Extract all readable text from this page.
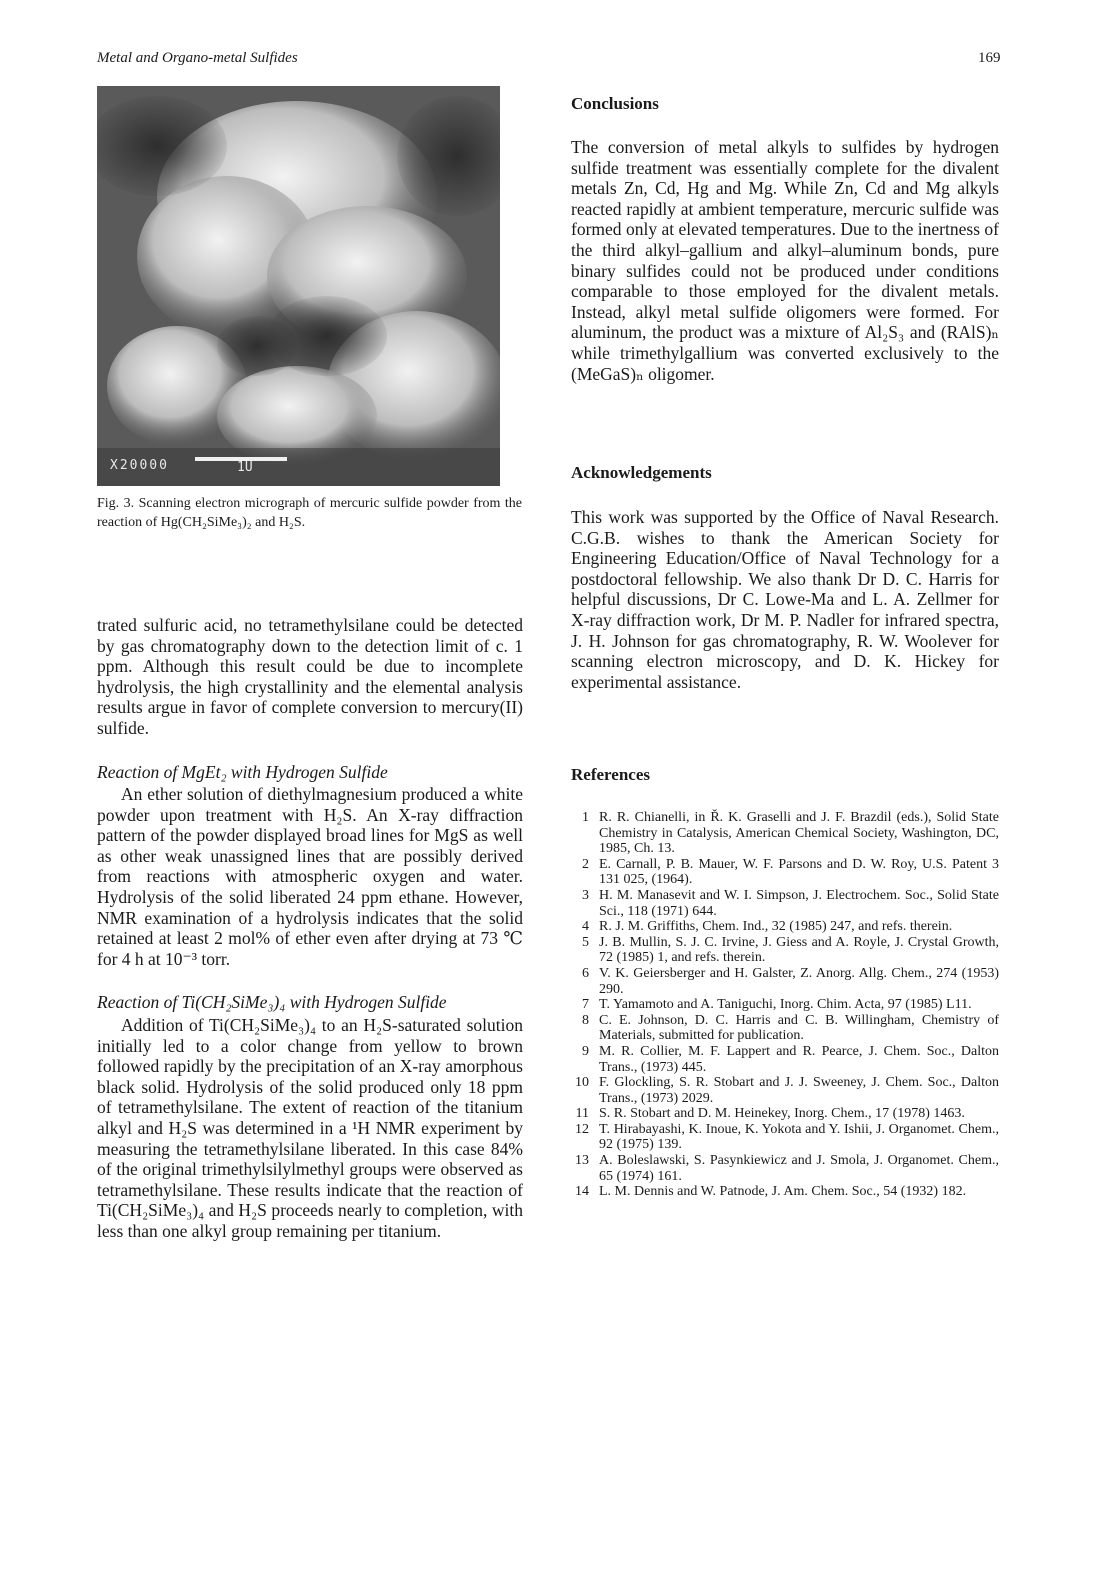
Metal and Organo-metal Sulfides	169
X20000	1U
Fig. 3. Scanning electron micrograph of mercuric sulfide powder from the reaction of Hg(CH₂SiMe₃)₂ and H₂S.
trated sulfuric acid, no tetramethylsilane could be detected by gas chromatography down to the detection limit of c. 1 ppm. Although this result could be due to incomplete hydrolysis, the high crystallinity and the elemental analysis results argue in favor of complete conversion to mercury(II) sulfide.
Reaction of MgEt₂ with Hydrogen Sulfide
An ether solution of diethylmagnesium produced a white powder upon treatment with H₂S. An X-ray diffraction pattern of the powder displayed broad lines for MgS as well as other weak unassigned lines that are possibly derived from reactions with atmospheric oxygen and water. Hydrolysis of the solid liberated 24 ppm ethane. However, NMR examination of a hydrolysis indicates that the solid retained at least 2 mol% of ether even after drying at 73 ℃ for 4 h at 10⁻³ torr.
Reaction of Ti(CH₂SiMe₃)₄ with Hydrogen Sulfide
Addition of Ti(CH₂SiMe₃)₄ to an H₂S-saturated solution initially led to a color change from yellow to brown followed rapidly by the precipitation of an X-ray amorphous black solid. Hydrolysis of the solid produced only 18 ppm of tetramethylsilane. The extent of reaction of the titanium alkyl and H₂S was determined in a ¹H NMR experiment by measuring the tetramethylsilane liberated. In this case 84% of the original trimethylsilylmethyl groups were observed as tetramethylsilane. These results indicate that the reaction of Ti(CH₂SiMe₃)₄ and H₂S proceeds nearly to completion, with less than one alkyl group remaining per titanium.
Conclusions
The conversion of metal alkyls to sulfides by hydrogen sulfide treatment was essentially complete for the divalent metals Zn, Cd, Hg and Mg. While Zn, Cd and Mg alkyls reacted rapidly at ambient temperature, mercuric sulfide was formed only at elevated temperatures. Due to the inertness of the third alkyl–gallium and alkyl–aluminum bonds, pure binary sulfides could not be produced under conditions comparable to those employed for the divalent metals. Instead, alkyl metal sulfide oligomers were formed. For aluminum, the product was a mixture of Al₂S₃ and (RAlS)ₙ while trimethylgallium was converted exclusively to the (MeGaS)ₙ oligomer.
Acknowledgements
This work was supported by the Office of Naval Research. C.G.B. wishes to thank the American Society for Engineering Education/Office of Naval Technology for a postdoctoral fellowship. We also thank Dr D. C. Harris for helpful discussions, Dr C. Lowe-Ma and L. A. Zellmer for X-ray diffraction work, Dr M. P. Nadler for infrared spectra, J. H. Johnson for gas chromatography, R. W. Woolever for scanning electron microscopy, and D. K. Hickey for experimental assistance.
References
1 R. R. Chianelli, in Ř. K. Graselli and J. F. Brazdil (eds.), Solid State Chemistry in Catalysis, American Chemical Society, Washington, DC, 1985, Ch. 13.
2 E. Carnall, P. B. Mauer, W. F. Parsons and D. W. Roy, U.S. Patent 3 131 025, (1964).
3 H. M. Manasevit and W. I. Simpson, J. Electrochem. Soc., Solid State Sci., 118 (1971) 644.
4 R. J. M. Griffiths, Chem. Ind., 32 (1985) 247, and refs. therein.
5 J. B. Mullin, S. J. C. Irvine, J. Giess and A. Royle, J. Crystal Growth, 72 (1985) 1, and refs. therein.
6 V. K. Geiersberger and H. Galster, Z. Anorg. Allg. Chem., 274 (1953) 290.
7 T. Yamamoto and A. Taniguchi, Inorg. Chim. Acta, 97 (1985) L11.
8 C. E. Johnson, D. C. Harris and C. B. Willingham, Chemistry of Materials, submitted for publication.
9 M. R. Collier, M. F. Lappert and R. Pearce, J. Chem. Soc., Dalton Trans., (1973) 445.
10 F. Glockling, S. R. Stobart and J. J. Sweeney, J. Chem. Soc., Dalton Trans., (1973) 2029.
11 S. R. Stobart and D. M. Heinekey, Inorg. Chem., 17 (1978) 1463.
12 T. Hirabayashi, K. Inoue, K. Yokota and Y. Ishii, J. Organomet. Chem., 92 (1975) 139.
13 A. Boleslawski, S. Pasynkiewicz and J. Smola, J. Organomet. Chem., 65 (1974) 161.
14 L. M. Dennis and W. Patnode, J. Am. Chem. Soc., 54 (1932) 182.
